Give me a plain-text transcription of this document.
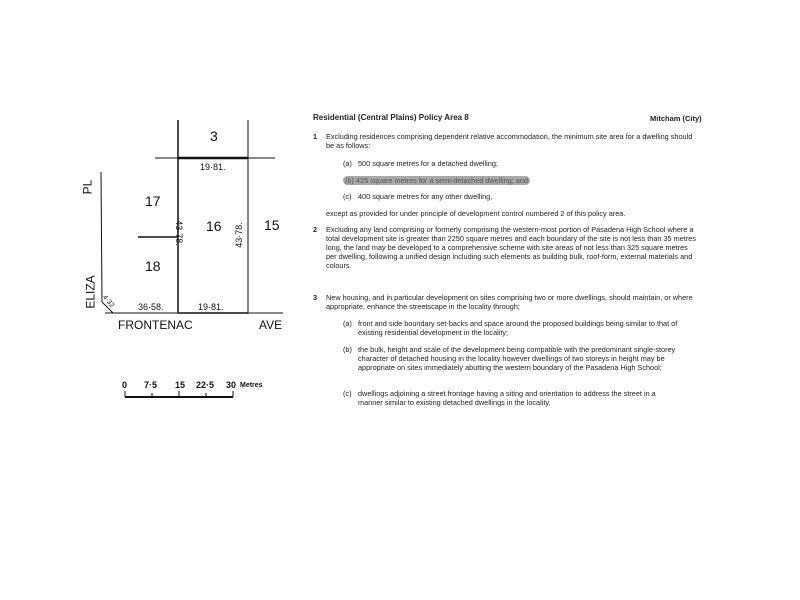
3
17
16	15
18
19·81.
19·81.
36·58.
43·78.	43·78.
4·32
PL
ELIZA
FRONTENAC	AVE
0 7·5 15 22·5 30 Metres
Residential (Central Plains) Policy Area 8	Mitcham (City)
1 Excluding residences comprising dependent relative accommodation, the minimum site area for a dwelling should be as follows:
(a) 500 square metres for a detached dwelling;
(b) 425 square metres for a semi-detached dwelling; and
(c) 400 square metres for any other dwelling,
except as provided for under principle of development control numbered 2 of this policy area.
2 Excluding any land comprising or formerly comprising the western-most portion of Pasadena High School where a total development site is greater than 2250 square metres and each boundary of the site is not less than 35 metres long, the land may be developed to a comprehensive scheme with site areas of not less than 325 square metres per dwelling, following a unified design including such elements as building bulk, roof-form, external materials and colours.
3 New housing, and in particular development on sites comprising two or more dwellings, should maintain, or where appropriate, enhance the streetscape in the locality through;
(a) front and side boundary set-backs and space around the proposed buildings being similar to that of existing residential development in the locality;
(b) the bulk, height and scale of the development being compatible with the predominant single-storey character of detached housing in the locality however dwellings of two storeys in height may be appropriate on sites immediately abutting the western boundary of the Pasadena High School;
(c) dwellings adjoining a street frontage having a siting and orientation to address the street in a manner similar to existing detached dwellings in the locality.
